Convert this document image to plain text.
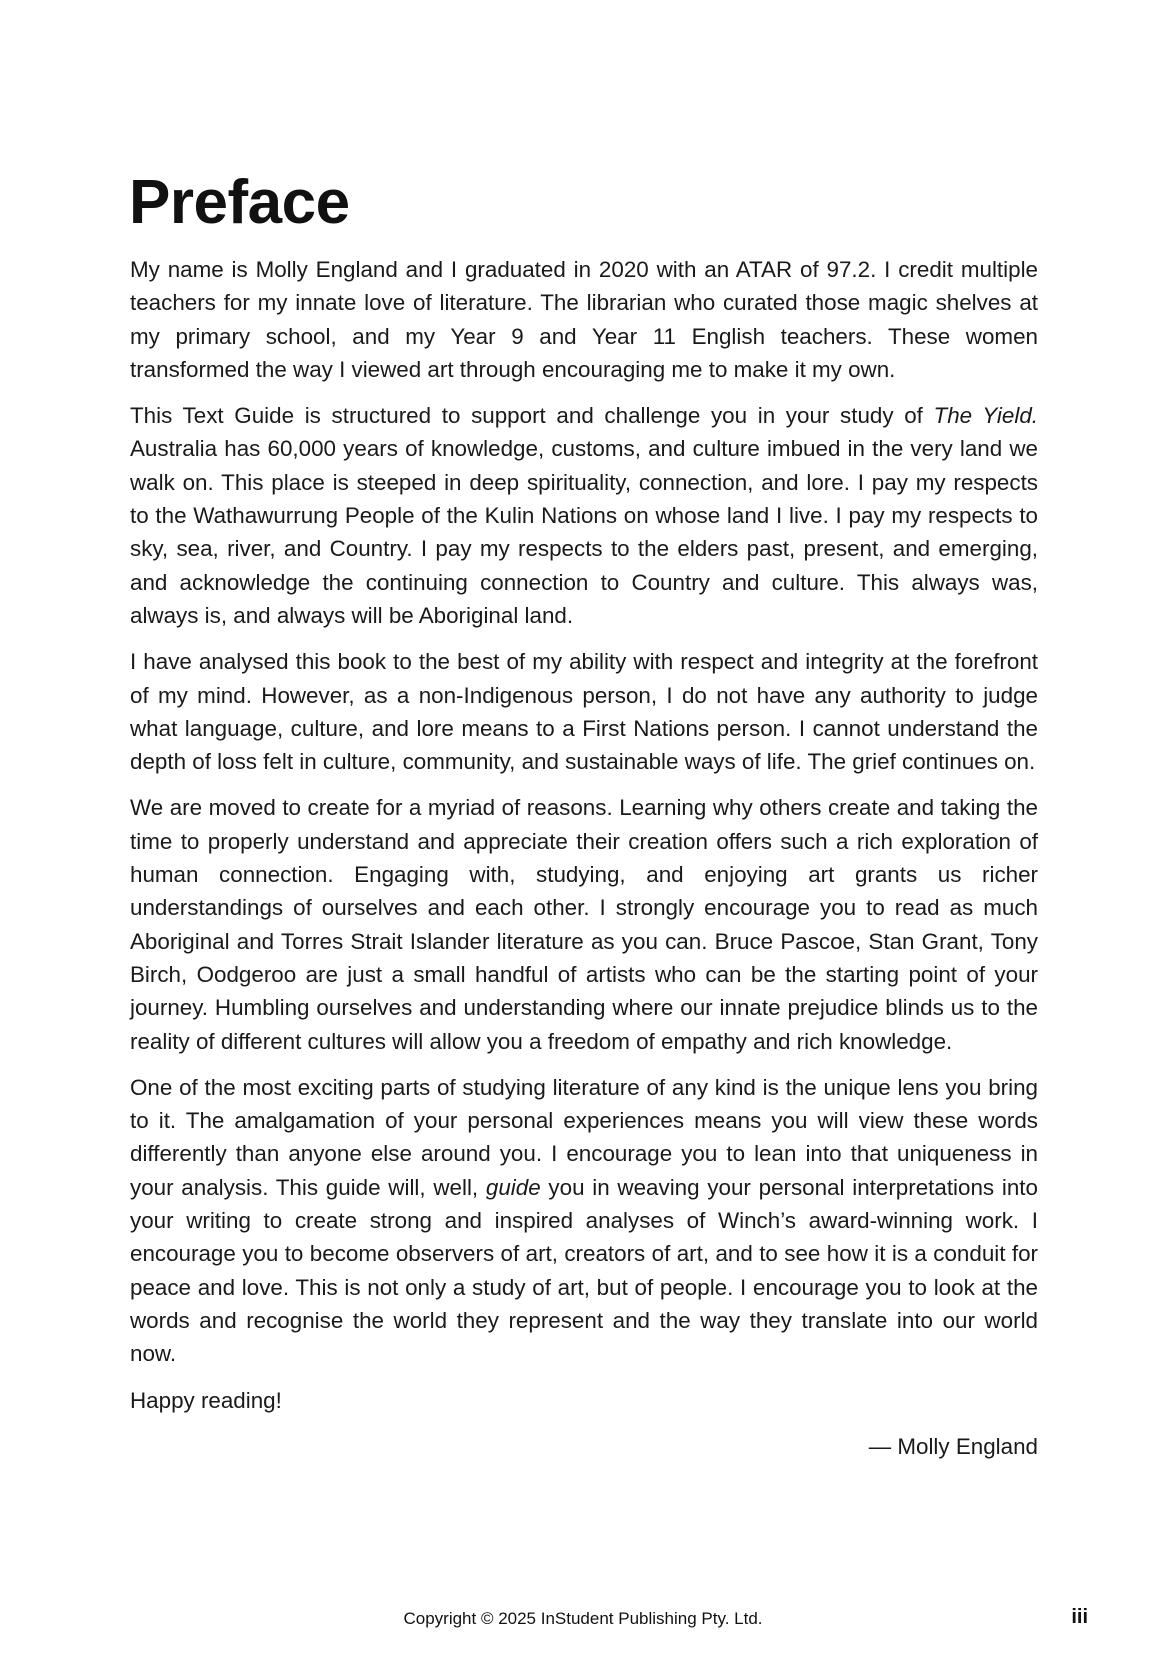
Preface

My name is Molly England and I graduated in 2020 with an ATAR of 97.2. I credit multiple teachers for my innate love of literature. The librarian who curated those magic shelves at my primary school, and my Year 9 and Year 11 English teachers. These women transformed the way I viewed art through encouraging me to make it my own.

This Text Guide is structured to support and challenge you in your study of The Yield. Australia has 60,000 years of knowledge, customs, and culture imbued in the very land we walk on. This place is steeped in deep spirituality, connection, and lore. I pay my respects to the Wathawurrung People of the Kulin Nations on whose land I live. I pay my respects to sky, sea, river, and Country. I pay my respects to the elders past, present, and emerging, and acknowledge the continuing connection to Country and culture. This always was, always is, and always will be Aboriginal land.

I have analysed this book to the best of my ability with respect and integrity at the forefront of my mind. However, as a non-Indigenous person, I do not have any authority to judge what language, culture, and lore means to a First Nations person. I cannot understand the depth of loss felt in culture, community, and sustainable ways of life. The grief continues on.

We are moved to create for a myriad of reasons. Learning why others create and taking the time to properly understand and appreciate their creation offers such a rich exploration of human connection. Engaging with, studying, and enjoying art grants us richer understandings of ourselves and each other. I strongly encourage you to read as much Aboriginal and Torres Strait Islander literature as you can. Bruce Pascoe, Stan Grant, Tony Birch, Oodgeroo are just a small handful of artists who can be the starting point of your journey. Humbling ourselves and understanding where our innate prejudice blinds us to the reality of different cultures will allow you a freedom of empathy and rich knowledge.

One of the most exciting parts of studying literature of any kind is the unique lens you bring to it. The amalgamation of your personal experiences means you will view these words differently than anyone else around you. I encourage you to lean into that uniqueness in your analysis. This guide will, well, guide you in weaving your personal interpretations into your writing to create strong and inspired analyses of Winch’s award-winning work. I encourage you to become observers of art, creators of art, and to see how it is a conduit for peace and love. This is not only a study of art, but of people. I encourage you to look at the words and recognise the world they represent and the way they translate into our world now.

Happy reading!

— Molly England

Copyright © 2025 InStudent Publishing Pty. Ltd.	iii
